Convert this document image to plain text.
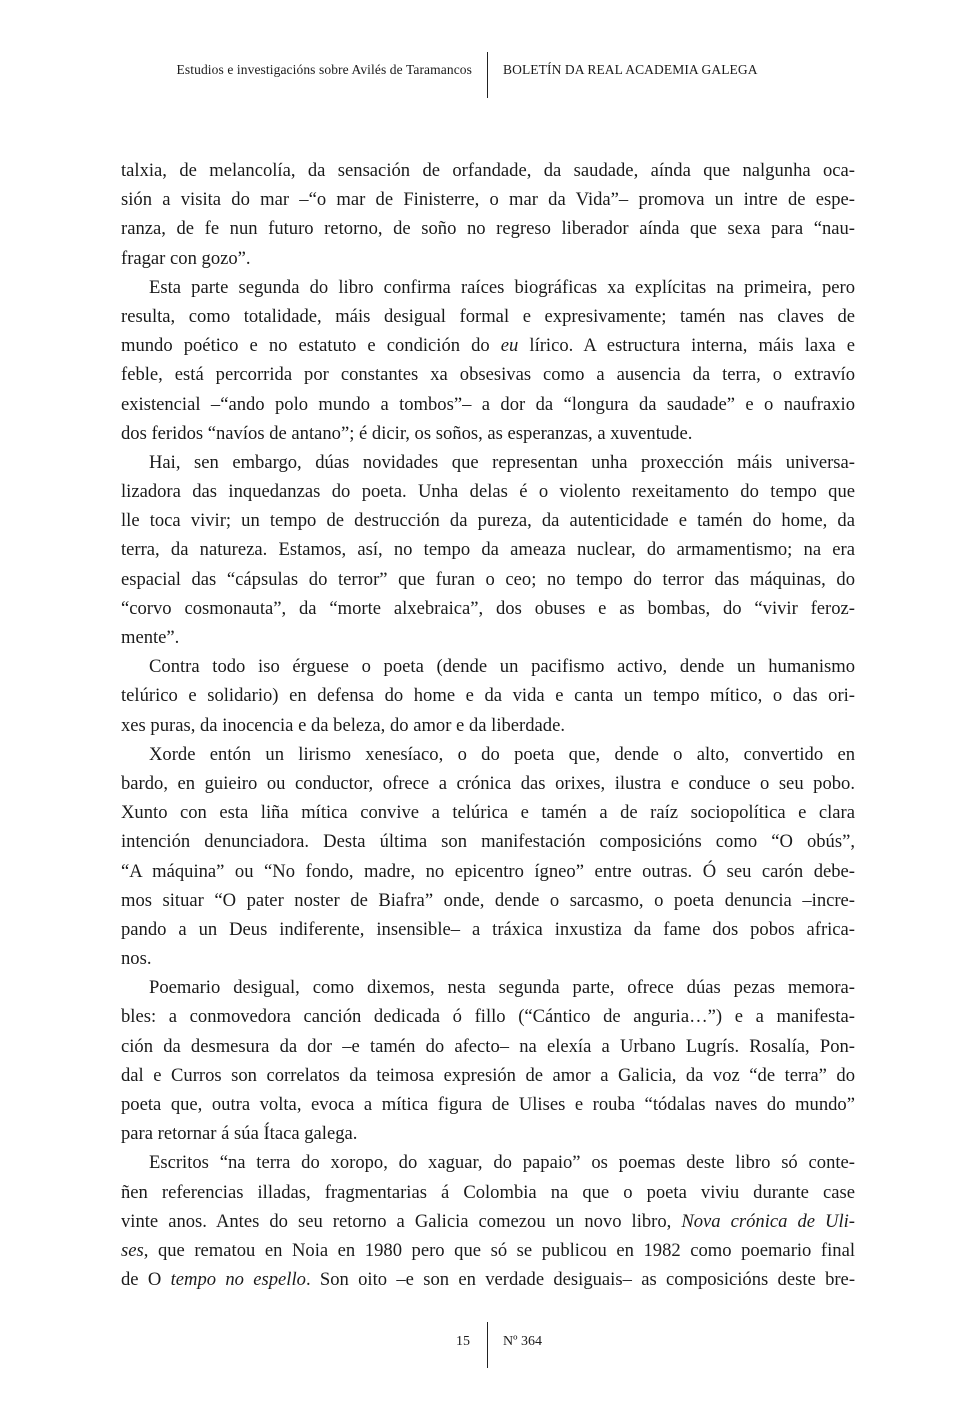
Estudios e investigacións sobre Avilés de Taramancos BOLETÍN DA REAL ACADEMIA GALEGA
talxia, de melancolía, da sensación de orfandade, da saudade, aínda que nalgunha oca-
sión a visita do mar –“o mar de Finisterre, o mar da Vida”– promova un intre de espe-
ranza, de fe nun futuro retorno, de soño no regreso liberador aínda que sexa para “nau-
fragar con gozo”.
Esta parte segunda do libro confirma raíces biográficas xa explícitas na primeira, pero
resulta, como totalidade, máis desigual formal e expresivamente; tamén nas claves de
mundo poético e no estatuto e condición do eu lírico. A estructura interna, máis laxa e
feble, está percorrida por constantes xa obsesivas como a ausencia da terra, o extravío
existencial –“ando polo mundo a tombos”– a dor da “longura da saudade” e o naufraxio
dos feridos “navíos de antano”; é dicir, os soños, as esperanzas, a xuventude.
Hai, sen embargo, dúas novidades que representan unha proxección máis universa-
lizadora das inquedanzas do poeta. Unha delas é o violento rexeitamento do tempo que
lle toca vivir; un tempo de destrucción da pureza, da autenticidade e tamén do home, da
terra, da natureza. Estamos, así, no tempo da ameaza nuclear, do armamentismo; na era
espacial das “cápsulas do terror” que furan o ceo; no tempo do terror das máquinas, do
“corvo cosmonauta”, da “morte alxebraica”, dos obuses e as bombas, do “vivir feroz-
mente”.
Contra todo iso érguese o poeta (dende un pacifismo activo, dende un humanismo
telúrico e solidario) en defensa do home e da vida e canta un tempo mítico, o das ori-
xes puras, da inocencia e da beleza, do amor e da liberdade.
Xorde entón un lirismo xenesíaco, o do poeta que, dende o alto, convertido en
bardo, en guieiro ou conductor, ofrece a crónica das orixes, ilustra e conduce o seu pobo.
Xunto con esta liña mítica convive a telúrica e tamén a de raíz sociopolítica e clara
intención denunciadora. Desta última son manifestación composicións como “O obús”,
“A máquina” ou “No fondo, madre, no epicentro ígneo” entre outras. Ó seu carón debe-
mos situar “O pater noster de Biafra” onde, dende o sarcasmo, o poeta denuncia –incre-
pando a un Deus indiferente, insensible– a tráxica inxustiza da fame dos pobos africa-
nos.
Poemario desigual, como dixemos, nesta segunda parte, ofrece dúas pezas memora-
bles: a conmovedora canción dedicada ó fillo (“Cántico de anguria…”) e a manifesta-
ción da desmesura da dor –e tamén do afecto– na elexía a Urbano Lugrís. Rosalía, Pon-
dal e Curros son correlatos da teimosa expresión de amor a Galicia, da voz “de terra” do
poeta que, outra volta, evoca a mítica figura de Ulises e rouba “tódalas naves do mundo”
para retornar á súa Ítaca galega.
Escritos “na terra do xoropo, do xaguar, do papaio” os poemas deste libro só conte-
ñen referencias illadas, fragmentarias á Colombia na que o poeta viviu durante case
vinte anos. Antes do seu retorno a Galicia comezou un novo libro, Nova crónica de Uli-
ses, que rematou en Noia en 1980 pero que só se publicou en 1982 como poemario final
de O tempo no espello. Son oito –e son en verdade desiguais– as composicións deste bre-
15 Nº 364
